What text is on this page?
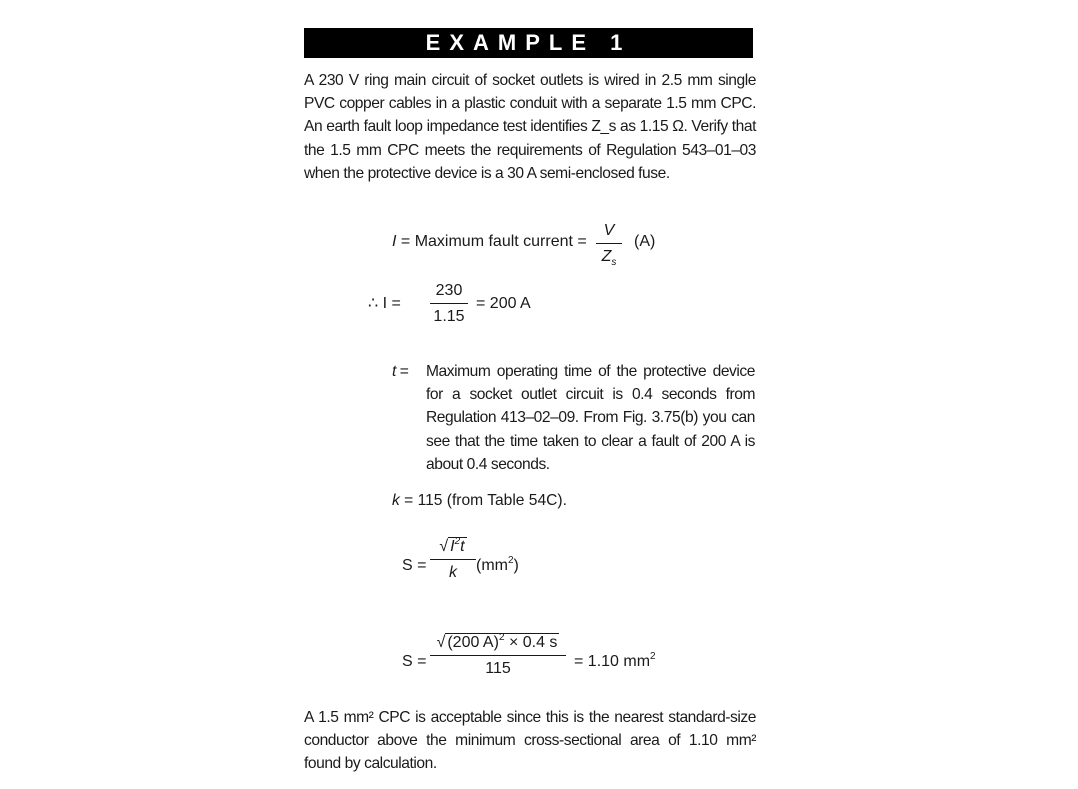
EXAMPLE 1

A 230 V ring main circuit of socket outlets is wired in 2.5 mm single PVC copper cables in a plastic conduit with a separate 1.5 mm CPC. An earth fault loop impedance test identifies Z_s as 1.15 Ω. Verify that the 1.5 mm CPC meets the requirements of Regulation 543–01–03 when the protective device is a 30 A semi-enclosed fuse.

I = Maximum fault current = $\frac{V}{Z_s} (A)$
∴ $I = \frac{230}{1.15} = 200$ A
t = Maximum operating time of the protective device for a socket outlet circuit is 0.4 seconds from Regulation 413–02–09. From Fig. 3.75(b) you can see that the time taken to clear a fault of 200 A is about 0.4 seconds.
k = 115 (from Table 54C).
$S = \frac{√ I^2t}{k} (mm^2)$
$S = \frac{√ (200 A)^2 \times 0.4 s}{115} = 1.10$ $mm^2$

A 1.5 mm² CPC is acceptable since this is the nearest standard-size conductor above the minimum cross-sectional area of 1.10 mm² found by calculation.
